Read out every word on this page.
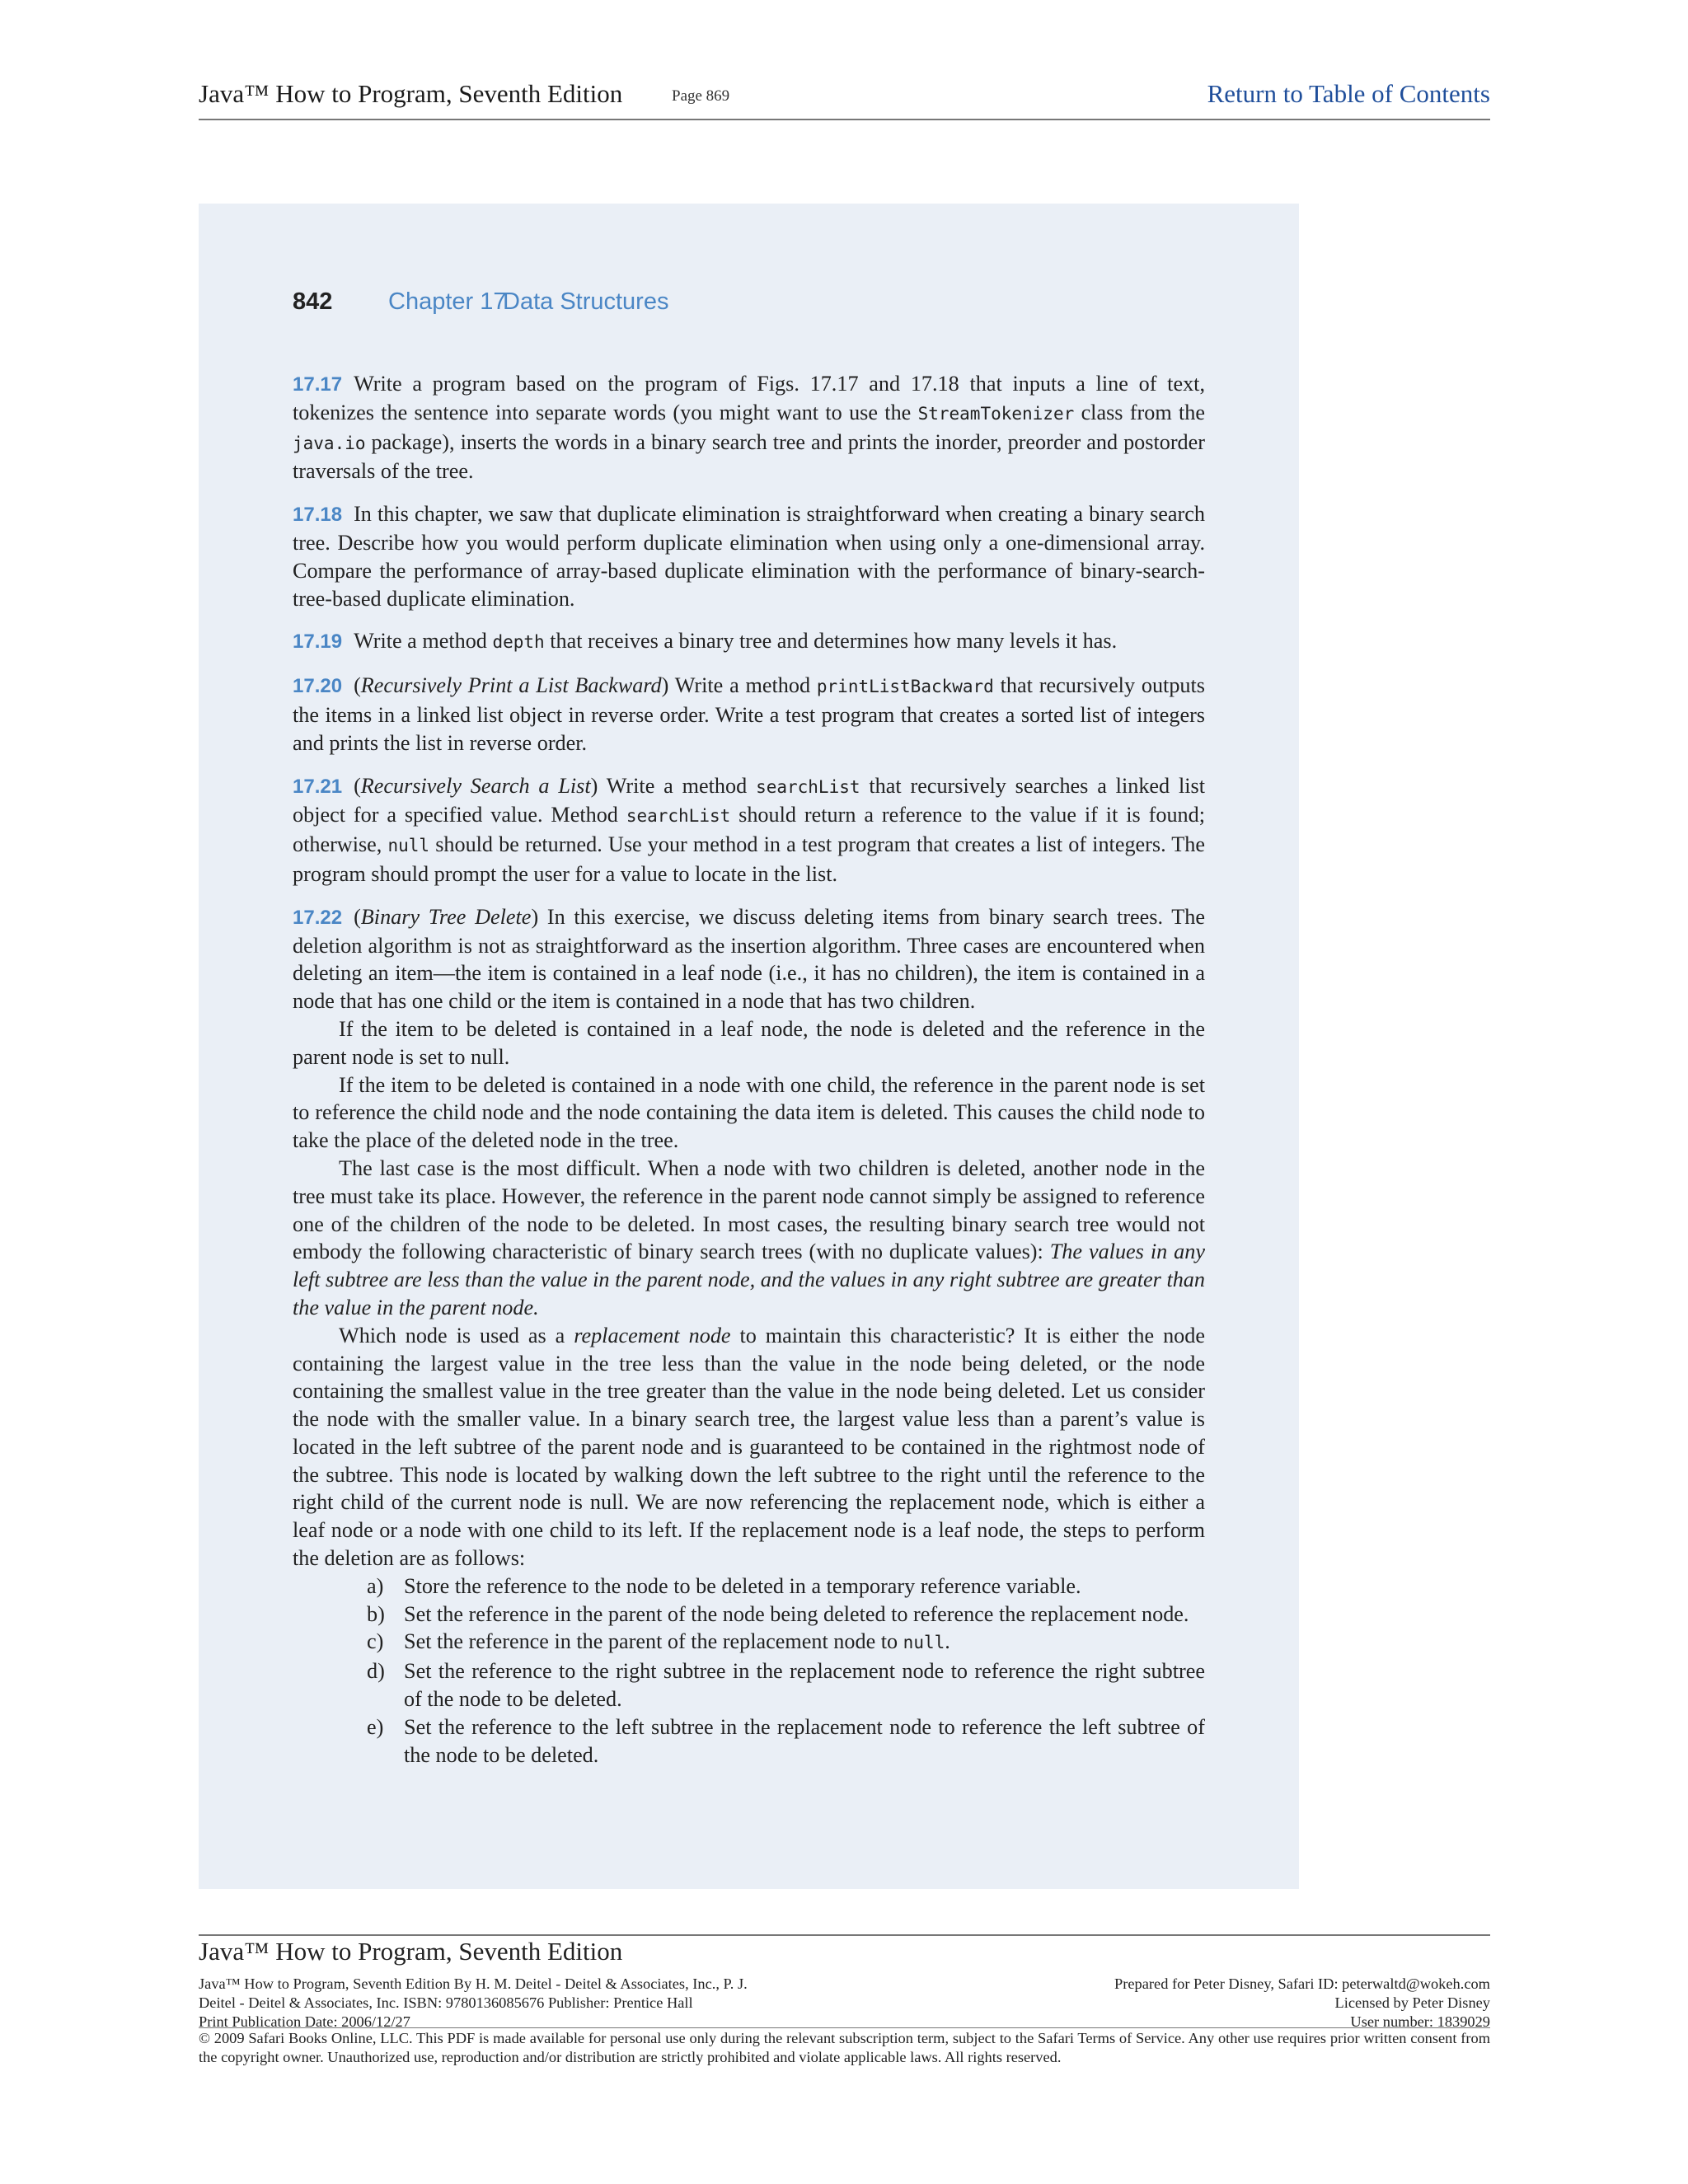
Java™ How to Program, Seventh Edition	Page 869	Return to Table of Contents
842 Chapter 17
Data Structures

17.17 Write a program based on the program of Figs. 17.17 and 17.18 that inputs a line of text, tokenizes the sentence into separate words (you might want to use the StreamTokenizer class from the java.io package), inserts the words in a binary search tree and prints the inorder, preorder and postorder traversals of the tree.

17.18 In this chapter, we saw that duplicate elimination is straightforward when creating a binary search tree. Describe how you would perform duplicate elimination when using only a one-dimensional array. Compare the performance of array-based duplicate elimination with the performance of binary-search-tree-based duplicate elimination.

17.19 Write a method depth that receives a binary tree and determines how many levels it has.

17.20 (Recursively Print a List Backward) Write a method printListBackward that recursively outputs the items in a linked list object in reverse order. Write a test program that creates a sorted list of integers and prints the list in reverse order.

17.21 (Recursively Search a List) Write a method searchList that recursively searches a linked list object for a specified value. Method searchList should return a reference to the value if it is found; otherwise, null should be returned. Use your method in a test program that creates a list of integers. The program should prompt the user for a value to locate in the list.

17.22 (Binary Tree Delete) In this exercise, we discuss deleting items from binary search trees. The deletion algorithm is not as straightforward as the insertion algorithm. Three cases are encountered when deleting an item—the item is contained in a leaf node (i.e., it has no children), the item is contained in a node that has one child or the item is contained in a node that has two children.

If the item to be deleted is contained in a leaf node, the node is deleted and the reference in the parent node is set to null.

If the item to be deleted is contained in a node with one child, the reference in the parent node is set to reference the child node and the node containing the data item is deleted. This causes the child node to take the place of the deleted node in the tree.

The last case is the most difficult. When a node with two children is deleted, another node in the tree must take its place. However, the reference in the parent node cannot simply be assigned to reference one of the children of the node to be deleted. In most cases, the resulting binary search tree would not embody the following characteristic of binary search trees (with no duplicate values): The values in any left subtree are less than the value in the parent node, and the values in any right subtree are greater than the value in the parent node.

Which node is used as a replacement node to maintain this characteristic? It is either the node containing the largest value in the tree less than the value in the node being deleted, or the node containing the smallest value in the tree greater than the value in the node being deleted. Let us consider the node with the smaller value. In a binary search tree, the largest value less than a parent’s value is located in the left subtree of the parent node and is guaranteed to be contained in the rightmost node of the subtree. This node is located by walking down the left subtree to the right until the reference to the right child of the current node is null. We are now referencing the replacement node, which is either a leaf node or a node with one child to its left. If the replacement node is a leaf node, the steps to perform the deletion are as follows:

a) Store the reference to the node to be deleted in a temporary reference variable.
b) Set the reference in the parent of the node being deleted to reference the replacement node.
c) Set the reference in the parent of the replacement node to null.
d) Set the reference to the right subtree in the replacement node to reference the right subtree of the node to be deleted.
e) Set the reference to the left subtree in the replacement node to reference the left subtree of the node to be deleted.
Java™ How to Program, Seventh Edition
Java™ How to Program, Seventh Edition By H. M. Deitel - Deitel & Associates, Inc., P. J.
Deitel - Deitel & Associates, Inc. ISBN: 9780136085676 Publisher: Prentice Hall
Print Publication Date: 2006/12/27
Prepared for Peter Disney, Safari ID: peterwaltd@wokeh.com
Licensed by Peter Disney
User number: 1839029
© 2009 Safari Books Online, LLC. This PDF is made available for personal use only during the relevant subscription term, subject to the Safari Terms of Service. Any other use requires prior written consent from the copyright owner. Unauthorized use, reproduction and/or distribution are strictly prohibited and violate applicable laws. All rights reserved.
